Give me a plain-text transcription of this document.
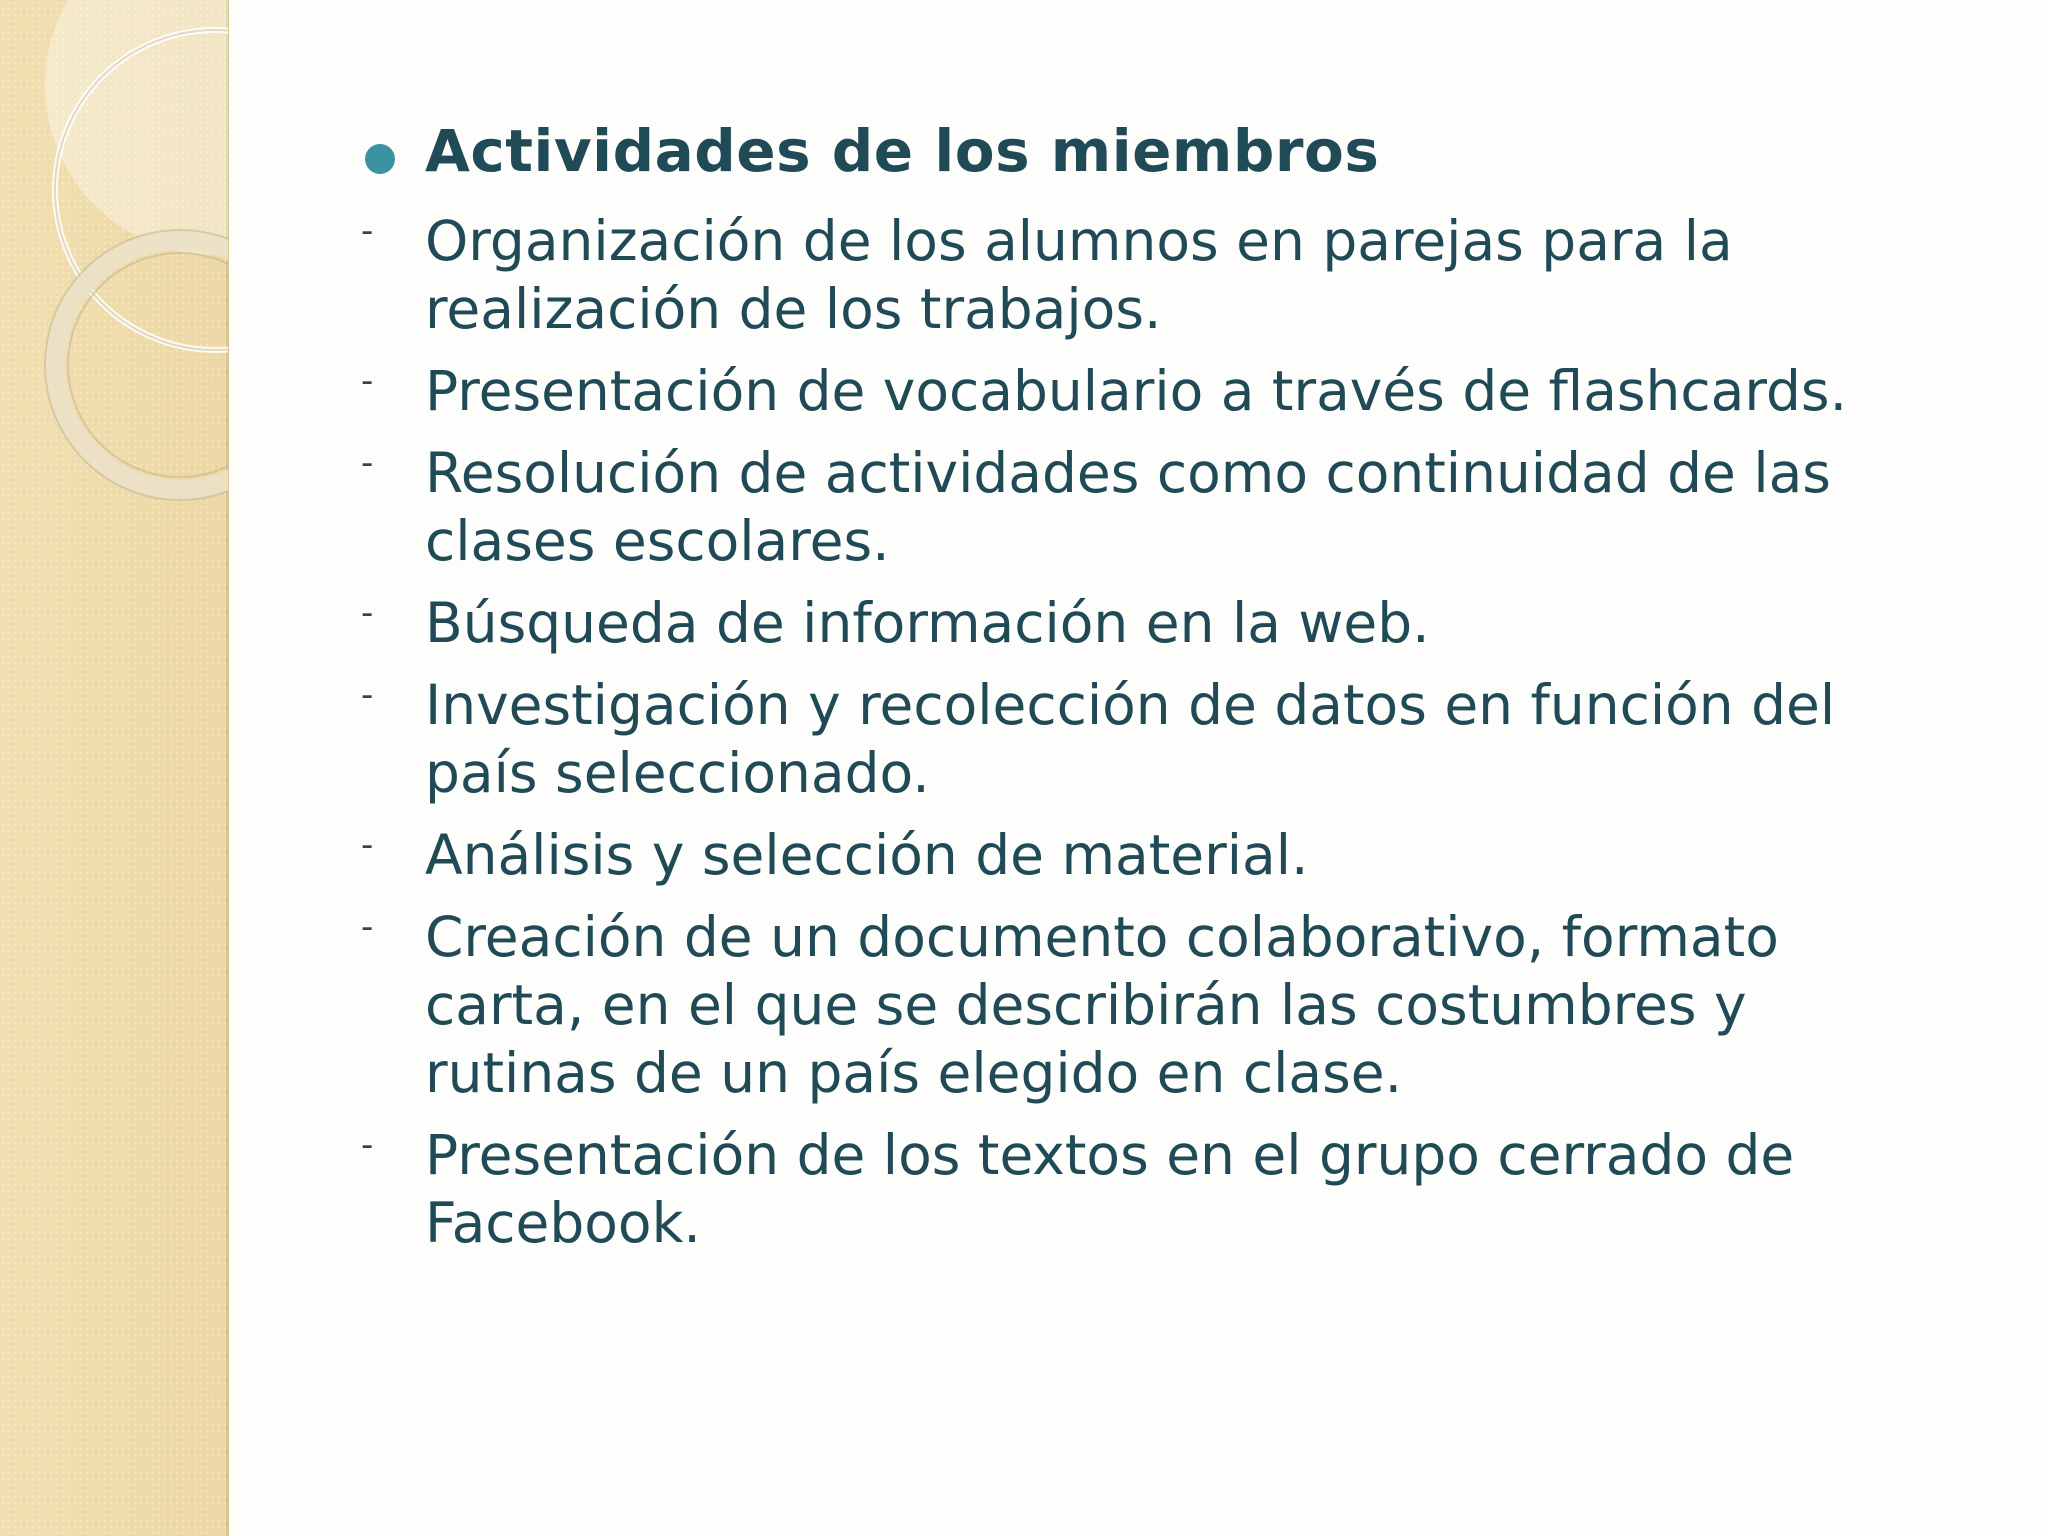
Actividades de los miembros
- Organización de los alumnos en parejas para la realización de los trabajos.
- Presentación de vocabulario a través de flashcards.
- Resolución de actividades como continuidad de las clases escolares.
- Búsqueda de información en la web.
- Investigación y recolección de datos en función del país seleccionado.
- Análisis y selección de material.
- Creación de un documento colaborativo, formato carta, en el que se describirán las costumbres y rutinas de un país elegido en clase.
- Presentación de los textos en el grupo cerrado de Facebook.
